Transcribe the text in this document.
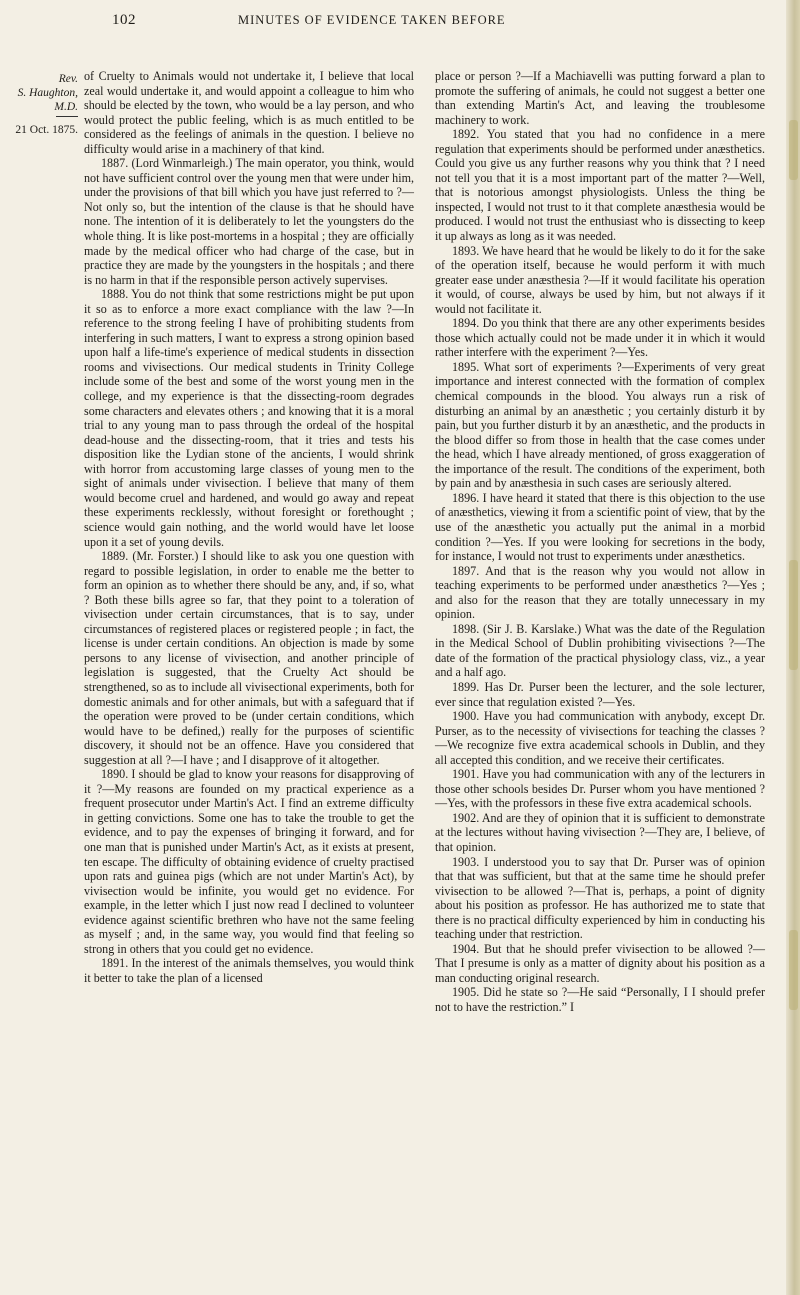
102	MINUTES OF EVIDENCE TAKEN BEFORE
Rev.
S. Haughton,
M.D.
21 Oct. 1875.

of Cruelty to Animals would not undertake it, I believe that local zeal would undertake it, and would appoint a colleague to him who should be elected by the town, who would be a lay person, and who would protect the public feeling, which is as much entitled to be considered as the feelings of animals in the question. I believe no difficulty would arise in a machinery of that kind.

1887. (Lord Winmarleigh.) The main operator, you think, would not have sufficient control over the young men that were under him, under the provisions of that bill which you have just referred to ?—Not only so, but the intention of the clause is that he should have none. The intention of it is deliberately to let the youngsters do the whole thing. It is like post-mortems in a hospital ; they are officially made by the medical officer who had charge of the case, but in practice they are made by the youngsters in the hospitals ; and there is no harm in that if the responsible person actively supervises.

1888. You do not think that some restrictions might be put upon it so as to enforce a more exact compliance with the law ?—In reference to the strong feeling I have of prohibiting students from interfering in such matters, I want to express a strong opinion based upon half a life-time's experience of medical students in dissection rooms and vivisections. Our medical students in Trinity College include some of the best and some of the worst young men in the college, and my experience is that the dissecting-room degrades some characters and elevates others ; and knowing that it is a moral trial to any young man to pass through the ordeal of the hospital dead-house and the dissecting-room, that it tries and tests his disposition like the Lydian stone of the ancients, I would shrink with horror from accustoming large classes of young men to the sight of animals under vivisection. I believe that many of them would become cruel and hardened, and would go away and repeat these experiments recklessly, without foresight or forethought ; science would gain nothing, and the world would have let loose upon it a set of young devils.

1889. (Mr. Forster.) I should like to ask you one question with regard to possible legislation, in order to enable me the better to form an opinion as to whether there should be any, and, if so, what ? Both these bills agree so far, that they point to a toleration of vivisection under certain circumstances, that is to say, under circumstances of registered places or registered people ; in fact, the license is under certain conditions. An objection is made by some persons to any license of vivisection, and another principle of legislation is suggested, that the Cruelty Act should be strengthened, so as to include all vivisectional experiments, both for domestic animals and for other animals, but with a safeguard that if the operation were proved to be (under certain conditions, which would have to be defined,) really for the purposes of scientific discovery, it should not be an offence. Have you considered that suggestion at all ?—I have ; and I disapprove of it altogether.

1890. I should be glad to know your reasons for disapproving of it ?—My reasons are founded on my practical experience as a frequent prosecutor under Martin's Act. I find an extreme difficulty in getting convictions. Some one has to take the trouble to get the evidence, and to pay the expenses of bringing it forward, and for one man that is punished under Martin's Act, as it exists at present, ten escape. The difficulty of obtaining evidence of cruelty practised upon rats and guinea pigs (which are not under Martin's Act), by vivisection would be infinite, you would get no evidence. For example, in the letter which I just now read I declined to volunteer evidence against scientific brethren who have not the same feeling as myself ; and, in the same way, you would find that feeling so strong in others that you could get no evidence.

1891. In the interest of the animals themselves, you would think it better to take the plan of a licensed

place or person ?—If a Machiavelli was putting forward a plan to promote the suffering of animals, he could not suggest a better one than extending Martin's Act, and leaving the troublesome machinery to work.

1892. You stated that you had no confidence in a mere regulation that experiments should be performed under anæsthetics. Could you give us any further reasons why you think that ? I need not tell you that it is a most important part of the matter ?—Well, that is notorious amongst physiologists. Unless the thing be inspected, I would not trust to it that complete anæsthesia would be produced. I would not trust the enthusiast who is dissecting to keep it up always as long as it was needed.

1893. We have heard that he would be likely to do it for the sake of the operation itself, because he would perform it with much greater ease under anæsthesia ?—If it would facilitate his operation it would, of course, always be used by him, but not always if it would not facilitate it.

1894. Do you think that there are any other experiments besides those which actually could not be made under it in which it would rather interfere with the experiment ?—Yes.

1895. What sort of experiments ?—Experiments of very great importance and interest connected with the formation of complex chemical compounds in the blood. You always run a risk of disturbing an animal by an anæsthetic ; you certainly disturb it by pain, but you further disturb it by an anæsthetic, and the products in the blood differ so from those in health that the case comes under the head, which I have already mentioned, of gross exaggeration of the importance of the result. The conditions of the experiment, both by pain and by anæsthesia in such cases are seriously altered.

1896. I have heard it stated that there is this objection to the use of anæsthetics, viewing it from a scientific point of view, that by the use of the anæsthetic you actually put the animal in a morbid condition ?—Yes. If you were looking for secretions in the body, for instance, I would not trust to experiments under anæsthetics.

1897. And that is the reason why you would not allow in teaching experiments to be performed under anæsthetics ?—Yes ; and also for the reason that they are totally unnecessary in my opinion.

1898. (Sir J. B. Karslake.) What was the date of the Regulation in the Medical School of Dublin prohibiting vivisections ?—The date of the formation of the practical physiology class, viz., a year and a half ago.

1899. Has Dr. Purser been the lecturer, and the sole lecturer, ever since that regulation existed ?—Yes.

1900. Have you had communication with anybody, except Dr. Purser, as to the necessity of vivisections for teaching the classes ?—We recognize five extra academical schools in Dublin, and they all accepted this condition, and we receive their certificates.

1901. Have you had communication with any of the lecturers in those other schools besides Dr. Purser whom you have mentioned ?—Yes, with the professors in these five extra academical schools.

1902. And are they of opinion that it is sufficient to demonstrate at the lectures without having vivisection ?—They are, I believe, of that opinion.

1903. I understood you to say that Dr. Purser was of opinion that that was sufficient, but that at the same time he should prefer vivisection to be allowed ?—That is, perhaps, a point of dignity about his position as professor. He has authorized me to state that there is no practical difficulty experienced by him in conducting his teaching under that restriction.

1904. But that he should prefer vivisection to be allowed ?—That I presume is only as a matter of dignity about his position as a man conducting original research.

1905. Did he state so ?—He said “Personally, I I should prefer not to have the restriction.” I
